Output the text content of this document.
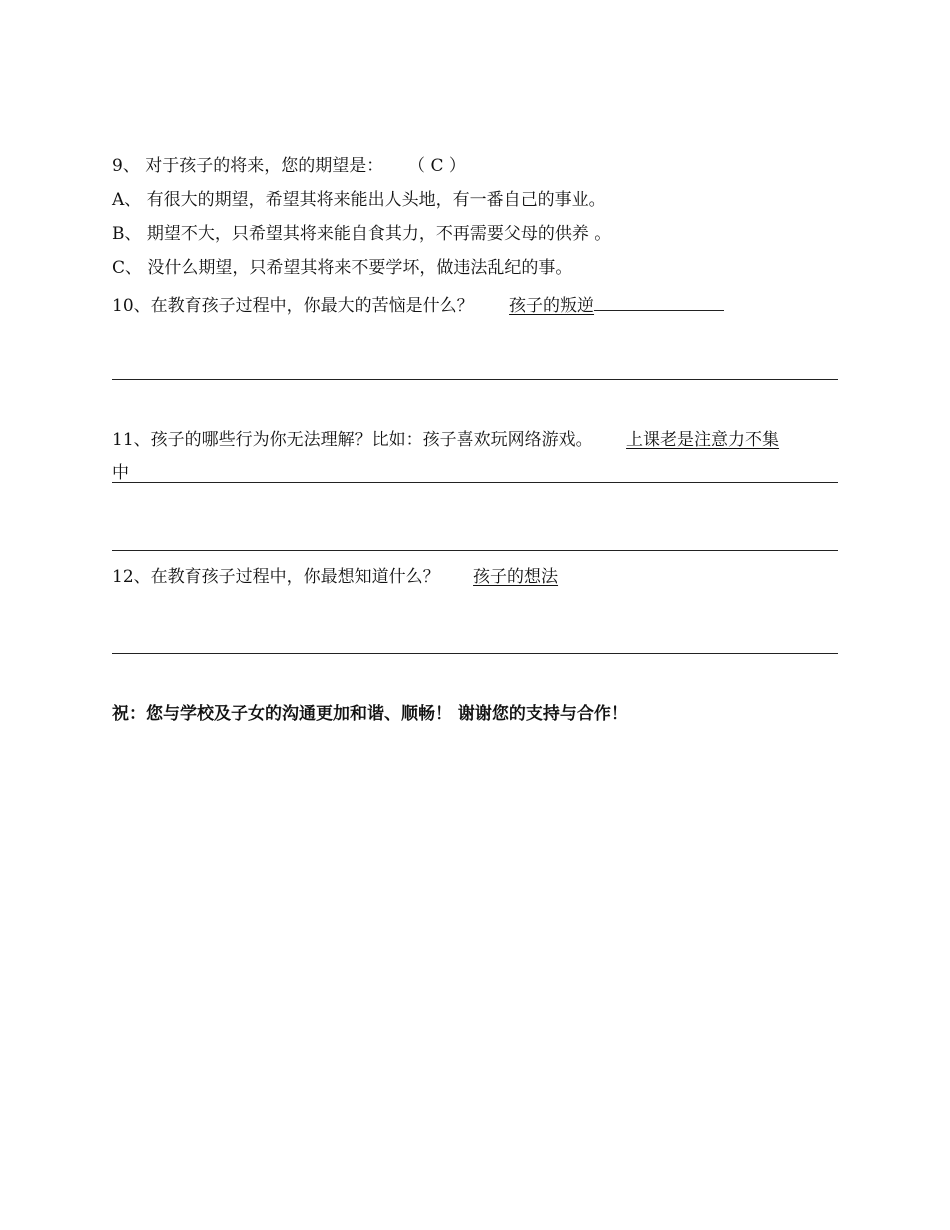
9、 对于孩子的将来，您的期望是： （ C ）
A、 有很大的期望，希望其将来能出人头地，有一番自己的事业。
B、 期望不大，只希望其将来能自食其力，不再需要父母的供养 。
C、 没什么期望，只希望其将来不要学坏，做违法乱纪的事。
10、在教育孩子过程中，你最大的苦恼是什么？ 孩子的叛逆
11、孩子的哪些行为你无法理解？比如：孩子喜欢玩网络游戏。 上课老是注意力不集
中
12、在教育孩子过程中，你最想知道什么？ 孩子的想法
祝：您与学校及子女的沟通更加和谐、顺畅！ 谢谢您的支持与合作！
